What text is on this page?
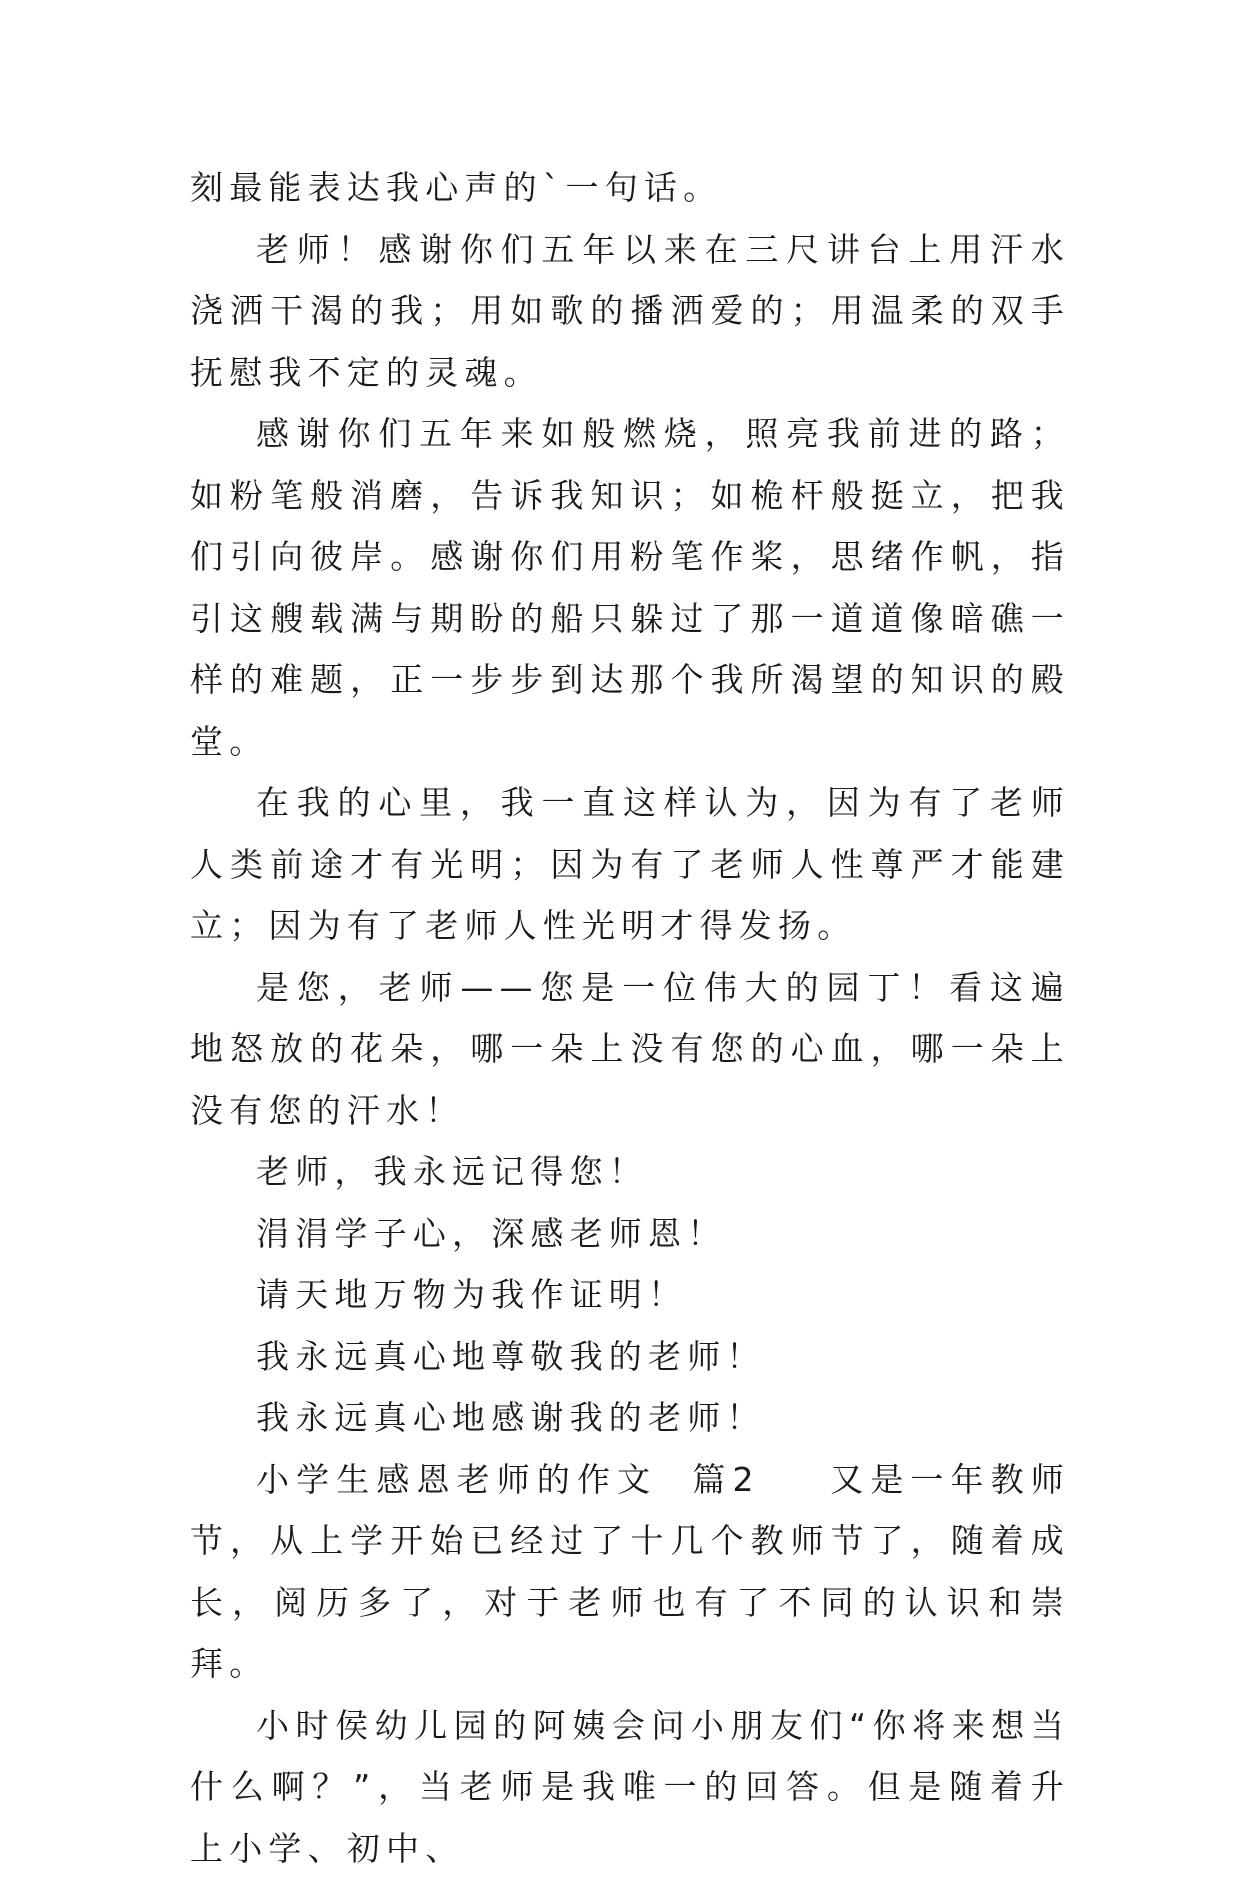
刻最能表达我心声的`一句话。

老师！感谢你们五年以来在三尺讲台上用汗水浇洒干渴的我；用如歌的播洒爱的；用温柔的双手抚慰我不定的灵魂。

感谢你们五年来如般燃烧，照亮我前进的路；如粉笔般消磨，告诉我知识；如桅杆般挺立，把我们引向彼岸。感谢你们用粉笔作桨，思绪作帆，指引这艘载满与期盼的船只躲过了那一道道像暗礁一样的难题，正一步步到达那个我所渴望的知识的殿堂。

在我的心里，我一直这样认为，因为有了老师人类前途才有光明；因为有了老师人性尊严才能建立；因为有了老师人性光明才得发扬。

是您，老师——您是一位伟大的园丁！看这遍地怒放的花朵，哪一朵上没有您的心血，哪一朵上没有您的汗水！

老师，我永远记得您！

涓涓学子心，深感老师恩！

请天地万物为我作证明！

我永远真心地尊敬我的老师！

我永远真心地感谢我的老师！

小学生感恩老师的作文  篇2    又是一年教师节，从上学开始已经过了十几个教师节了，随着成长，阅历多了，对于老师也有了不同的认识和崇拜。

小时侯幼儿园的阿姨会问小朋友们“你将来想当什么啊？”，当老师是我唯一的回答。但是随着升上小学、初中、
